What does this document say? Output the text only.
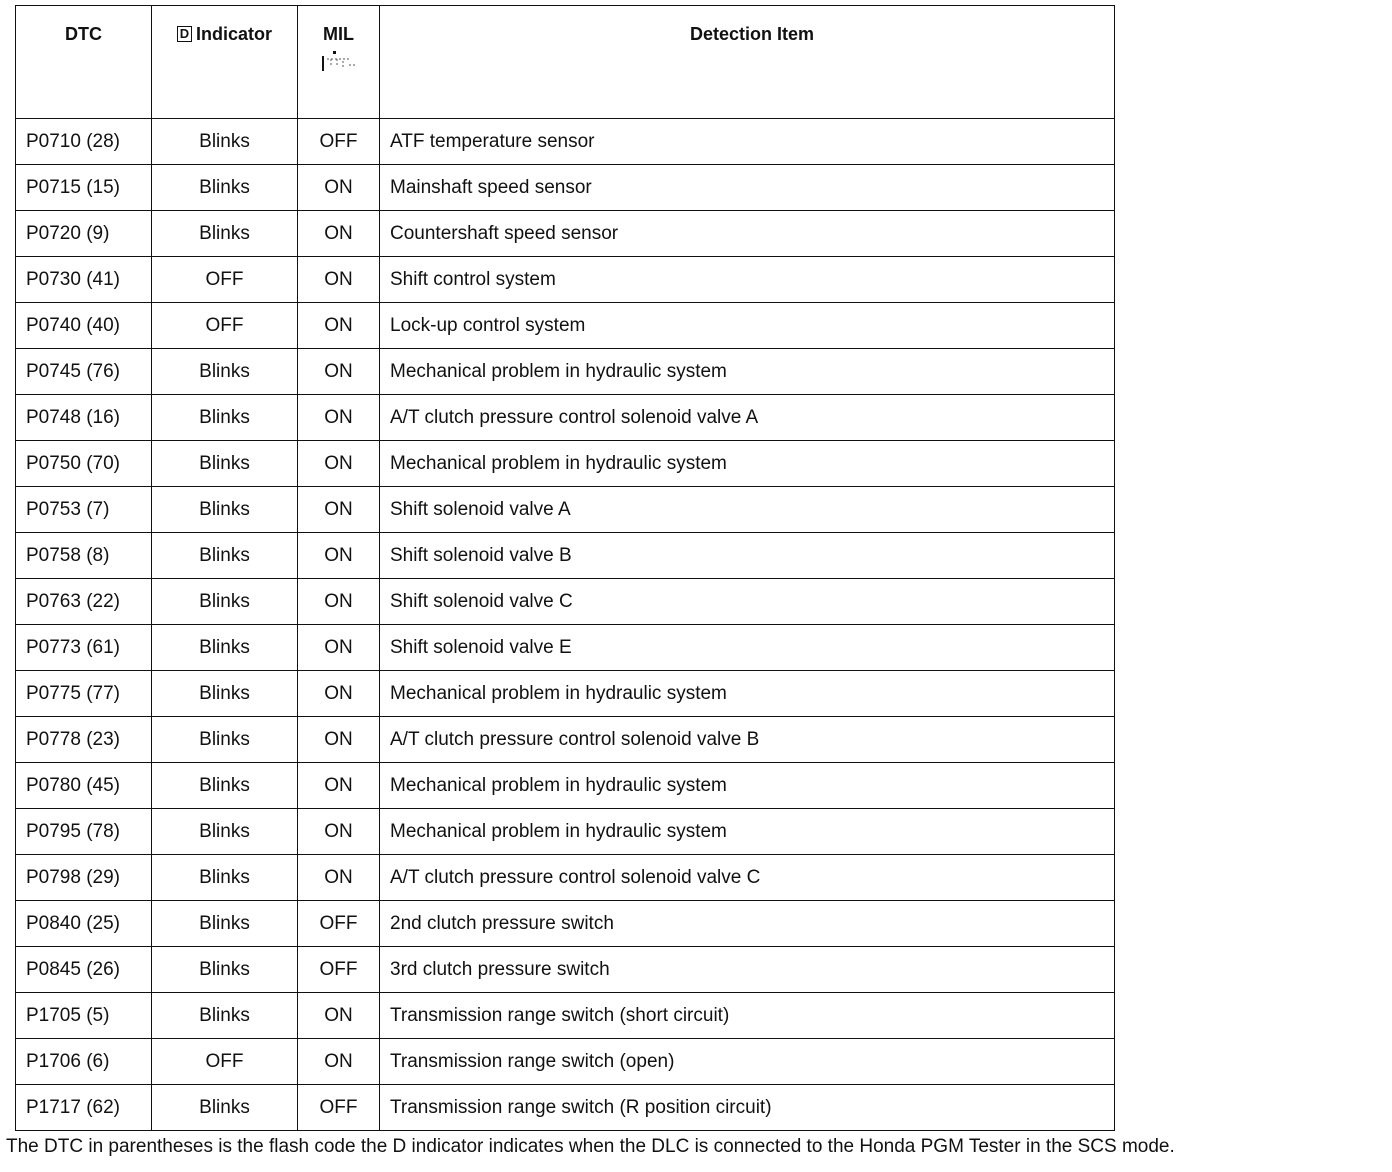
DTC	D Indicator	MIL	Detection Item
P0710 (28)	Blinks	OFF	ATF temperature sensor
P0715 (15)	Blinks	ON	Mainshaft speed sensor
P0720 (9)	Blinks	ON	Countershaft speed sensor
P0730 (41)	OFF	ON	Shift control system
P0740 (40)	OFF	ON	Lock-up control system
P0745 (76)	Blinks	ON	Mechanical problem in hydraulic system
P0748 (16)	Blinks	ON	A/T clutch pressure control solenoid valve A
P0750 (70)	Blinks	ON	Mechanical problem in hydraulic system
P0753 (7)	Blinks	ON	Shift solenoid valve A
P0758 (8)	Blinks	ON	Shift solenoid valve B
P0763 (22)	Blinks	ON	Shift solenoid valve C
P0773 (61)	Blinks	ON	Shift solenoid valve E
P0775 (77)	Blinks	ON	Mechanical problem in hydraulic system
P0778 (23)	Blinks	ON	A/T clutch pressure control solenoid valve B
P0780 (45)	Blinks	ON	Mechanical problem in hydraulic system
P0795 (78)	Blinks	ON	Mechanical problem in hydraulic system
P0798 (29)	Blinks	ON	A/T clutch pressure control solenoid valve C
P0840 (25)	Blinks	OFF	2nd clutch pressure switch
P0845 (26)	Blinks	OFF	3rd clutch pressure switch
P1705 (5)	Blinks	ON	Transmission range switch (short circuit)
P1706 (6)	OFF	ON	Transmission range switch (open)
P1717 (62)	Blinks	OFF	Transmission range switch (R position circuit)
The DTC in parentheses is the flash code the D indicator indicates when the DLC is connected to the Honda PGM Tester in the SCS mode.
